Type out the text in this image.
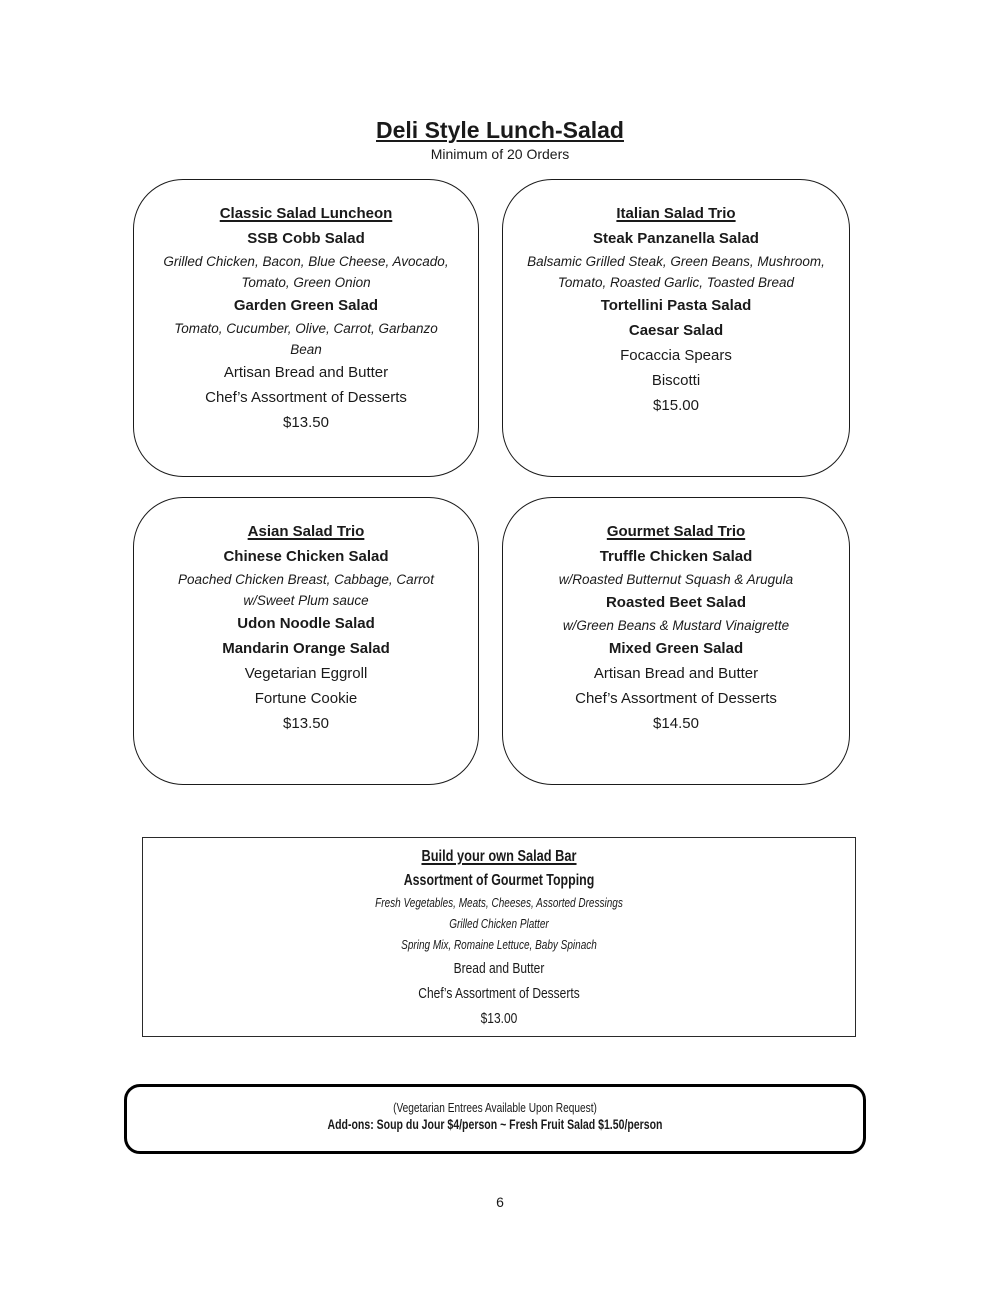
Deli Style Lunch-Salad
Minimum of 20 Orders
Classic Salad Luncheon
SSB Cobb Salad
Grilled Chicken, Bacon, Blue Cheese, Avocado,
Tomato, Green Onion
Garden Green Salad
Tomato, Cucumber, Olive, Carrot, Garbanzo
Bean
Artisan Bread and Butter
Chef’s Assortment of Desserts
$13.50
Italian Salad Trio
Steak Panzanella Salad
Balsamic Grilled Steak, Green Beans, Mushroom,
Tomato, Roasted Garlic, Toasted Bread
Tortellini Pasta Salad
Caesar Salad
Focaccia Spears
Biscotti
$15.00
Asian Salad Trio
Chinese Chicken Salad
Poached Chicken Breast, Cabbage, Carrot
w/Sweet Plum sauce
Udon Noodle Salad
Mandarin Orange Salad
Vegetarian Eggroll
Fortune Cookie
$13.50
Gourmet Salad Trio
Truffle Chicken Salad
w/Roasted Butternut Squash & Arugula
Roasted Beet Salad
w/Green Beans & Mustard Vinaigrette
Mixed Green Salad
Artisan Bread and Butter
Chef’s Assortment of Desserts
$14.50
Build your own Salad Bar
Assortment of Gourmet Topping
Fresh Vegetables, Meats, Cheeses, Assorted Dressings
Grilled Chicken Platter
Spring Mix, Romaine Lettuce, Baby Spinach
Bread and Butter
Chef’s Assortment of Desserts
$13.00
(Vegetarian Entrees Available Upon Request)
Add-ons: Soup du Jour $4/person ~ Fresh Fruit Salad $1.50/person
6
